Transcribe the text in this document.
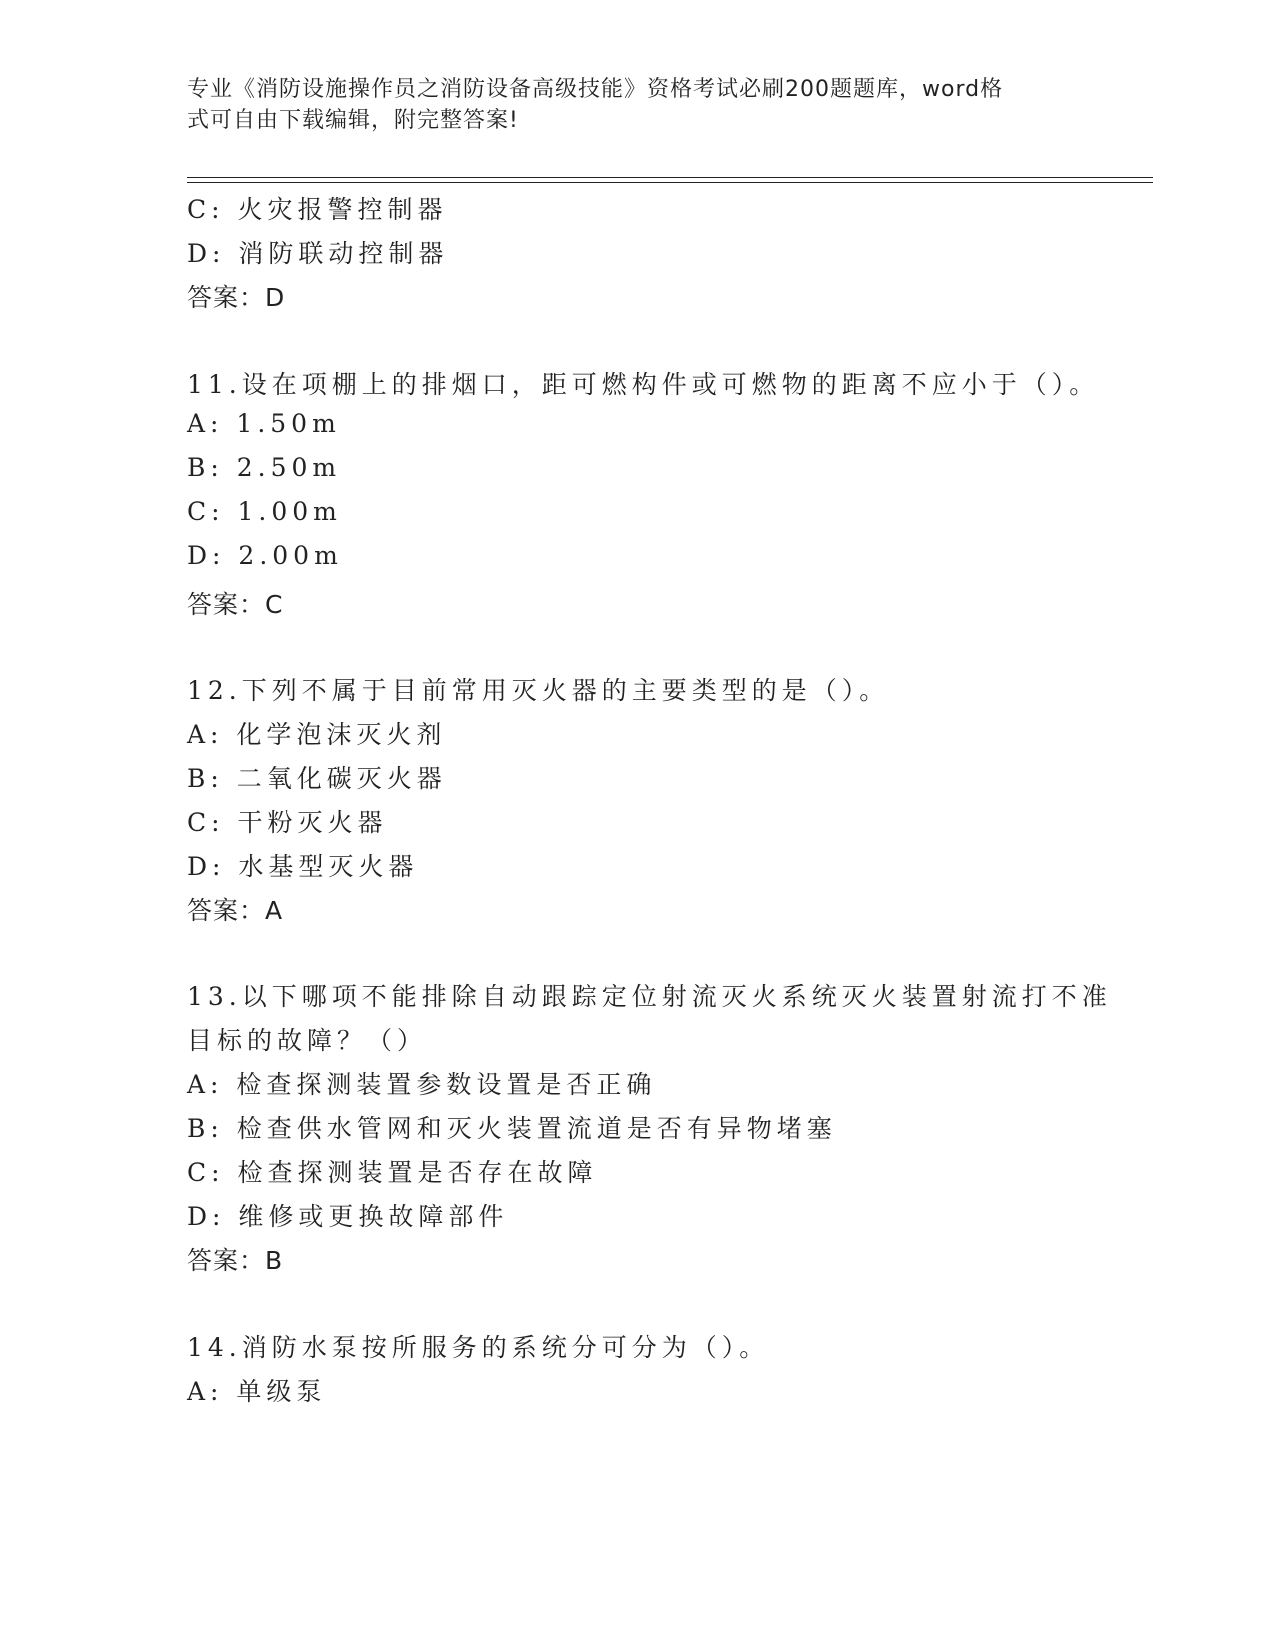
专业《消防设施操作员之消防设备高级技能》资格考试必刷200题题库，word格
式可自由下载编辑，附完整答案!
C: 火灾报警控制器
D: 消防联动控制器
答案：D
11.设在项棚上的排烟口，距可燃构件或可燃物的距离不应小于（）。
A: 1.50m
B: 2.50m
C: 1.00m
D: 2.00m
答案：C
12.下列不属于目前常用灭火器的主要类型的是（）。
A: 化学泡沫灭火剂
B: 二氧化碳灭火器
C: 干粉灭火器
D: 水基型灭火器
答案：A
13.以下哪项不能排除自动跟踪定位射流灭火系统灭火装置射流打不准
目标的故障？（）
A: 检查探测装置参数设置是否正确
B: 检查供水管网和灭火装置流道是否有异物堵塞
C: 检查探测装置是否存在故障
D: 维修或更换故障部件
答案：B
14.消防水泵按所服务的系统分可分为（）。
A: 单级泵
